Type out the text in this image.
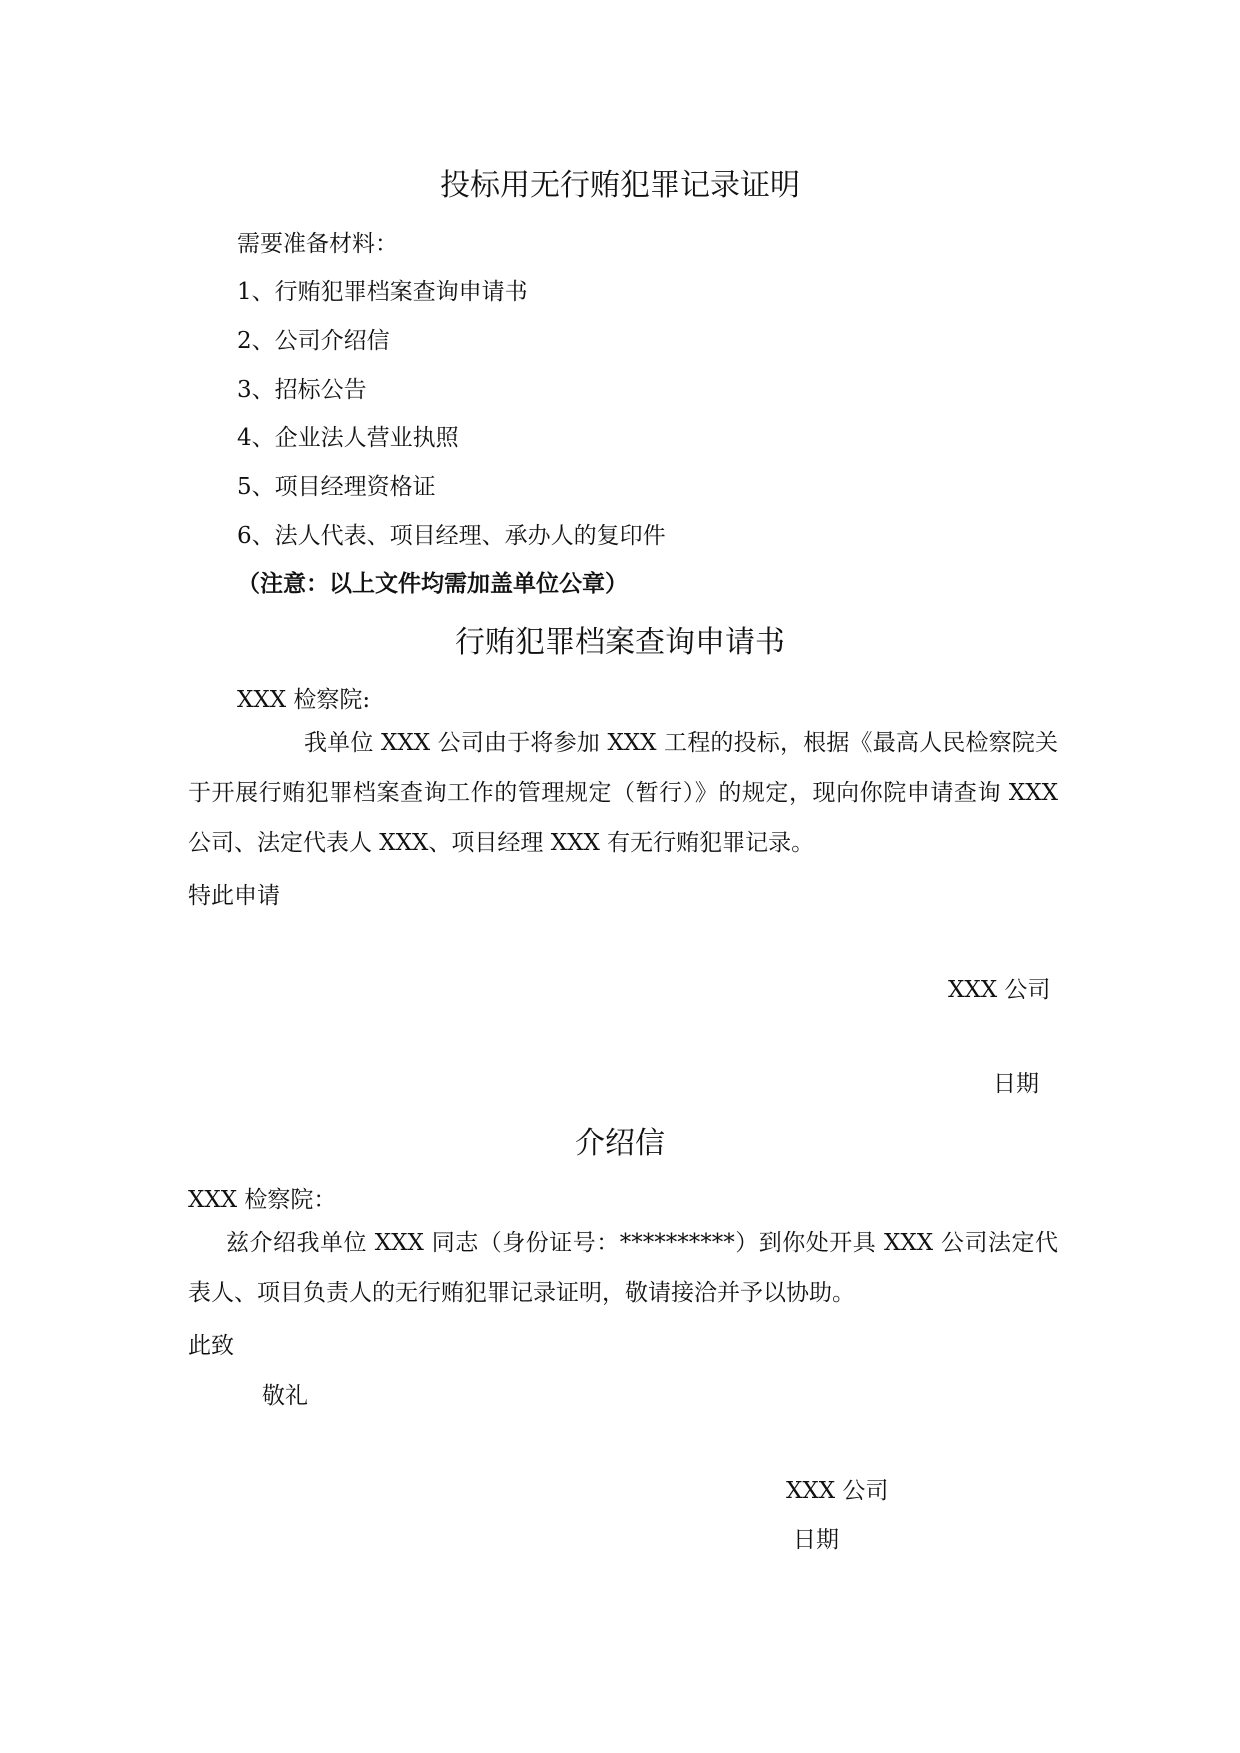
投标用无行贿犯罪记录证明
需要准备材料：
1、行贿犯罪档案查询申请书
2、公司介绍信
3、招标公告
4、企业法人营业执照
5、项目经理资格证
6、法人代表、项目经理、承办人的复印件
（注意：以上文件均需加盖单位公章）
行贿犯罪档案查询申请书
XXX 检察院:
我单位 XXX 公司由于将参加 XXX 工程的投标，根据《最高人民检察院关于开展行贿犯罪档案查询工作的管理规定（暂行）》的规定，现向你院申请查询 XXX 公司、法定代表人 XXX、项目经理 XXX 有无行贿犯罪记录。
特此申请
XXX 公司
日期
介绍信
XXX 检察院：
兹介绍我单位 XXX 同志（身份证号：**********）到你处开具 XXX 公司法定代表人、项目负责人的无行贿犯罪记录证明，敬请接洽并予以协助。
此致
敬礼
XXX 公司
日期
